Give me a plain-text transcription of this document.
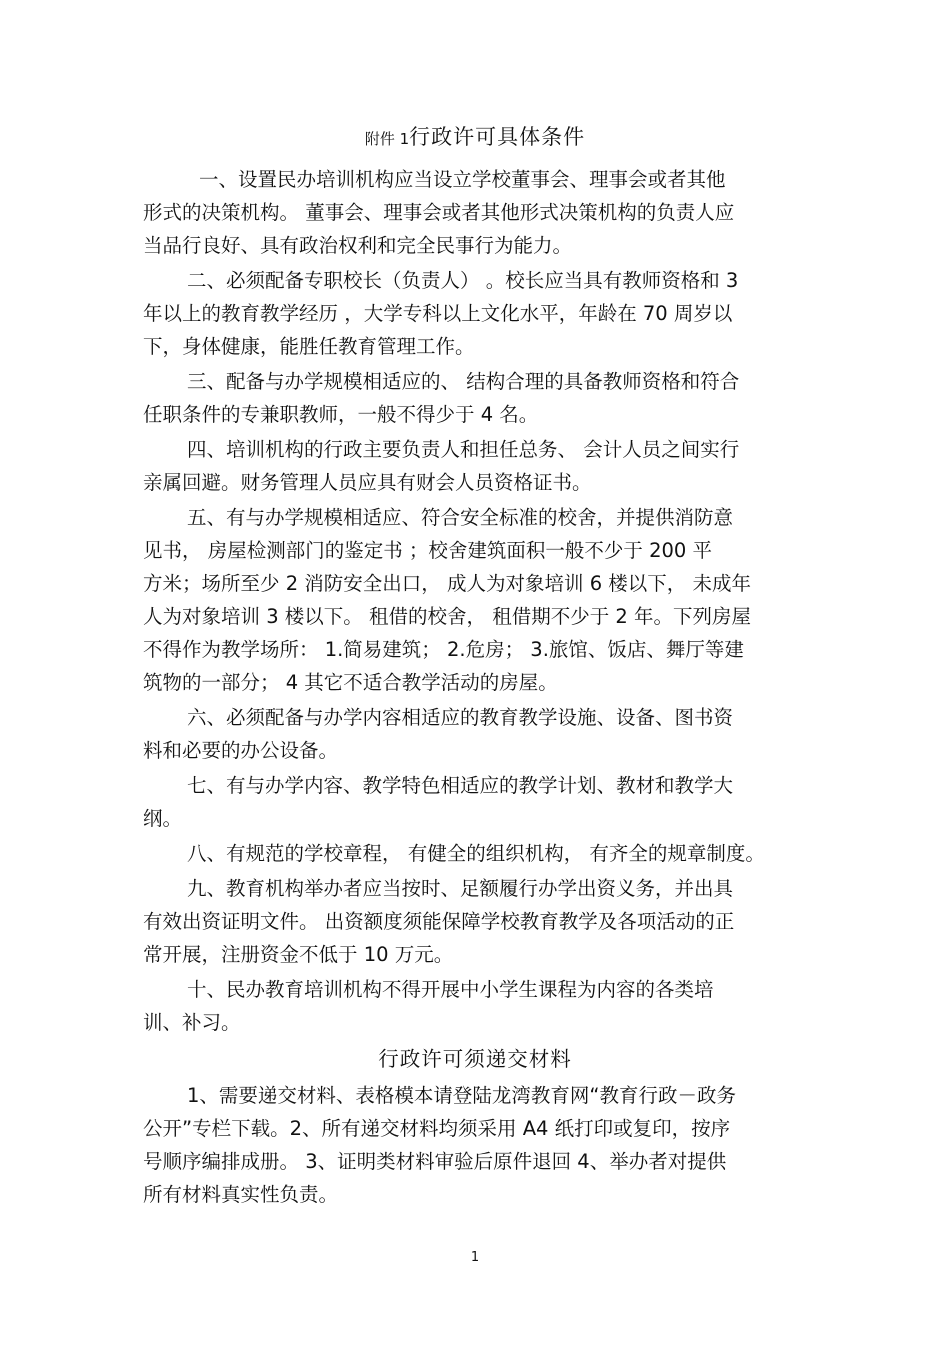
附件 1行政许可具体条件
一、设置民办培训机构应当设立学校董事会、理事会或者其他
形式的决策机构。 董事会、理事会或者其他形式决策机构的负责人应
当品行良好、具有政治权利和完全民事行为能力。
二、必须配备专职校长（负责人） 。校长应当具有教师资格和 3
年以上的教育教学经历 ，大学专科以上文化水平，年龄在 70 周岁以
下，身体健康，能胜任教育管理工作。
三、配备与办学规模相适应的、 结构合理的具备教师资格和符合
任职条件的专兼职教师，一般不得少于 4 名。
四、培训机构的行政主要负责人和担任总务、 会计人员之间实行
亲属回避。财务管理人员应具有财会人员资格证书。
五、有与办学规模相适应、符合安全标准的校舍，并提供消防意
见书， 房屋检测部门的鉴定书 ；校舍建筑面积一般不少于 200 平
方米；场所至少 2 消防安全出口， 成人为对象培训 6 楼以下， 未成年
人为对象培训 3 楼以下。 租借的校舍， 租借期不少于 2 年。下列房屋
不得作为教学场所： 1.简易建筑； 2.危房； 3.旅馆、饭店、舞厅等建
筑物的一部分； 4 其它不适合教学活动的房屋。
六、必须配备与办学内容相适应的教育教学设施、设备、图书资
料和必要的办公设备。
七、有与办学内容、教学特色相适应的教学计划、教材和教学大
纲。
八、有规范的学校章程， 有健全的组织机构， 有齐全的规章制度。
九、教育机构举办者应当按时、足额履行办学出资义务，并出具
有效出资证明文件。 出资额度须能保障学校教育教学及各项活动的正
常开展，注册资金不低于 10 万元。
十、民办教育培训机构不得开展中小学生课程为内容的各类培
训、补习。
行政许可须递交材料
1、需要递交材料、表格模本请登陆龙湾教育网“教育行政－政务
公开”专栏下载。2、所有递交材料均须采用 A4 纸打印或复印，按序
号顺序编排成册。 3、证明类材料审验后原件退回 4、举办者对提供
所有材料真实性负责。
1
